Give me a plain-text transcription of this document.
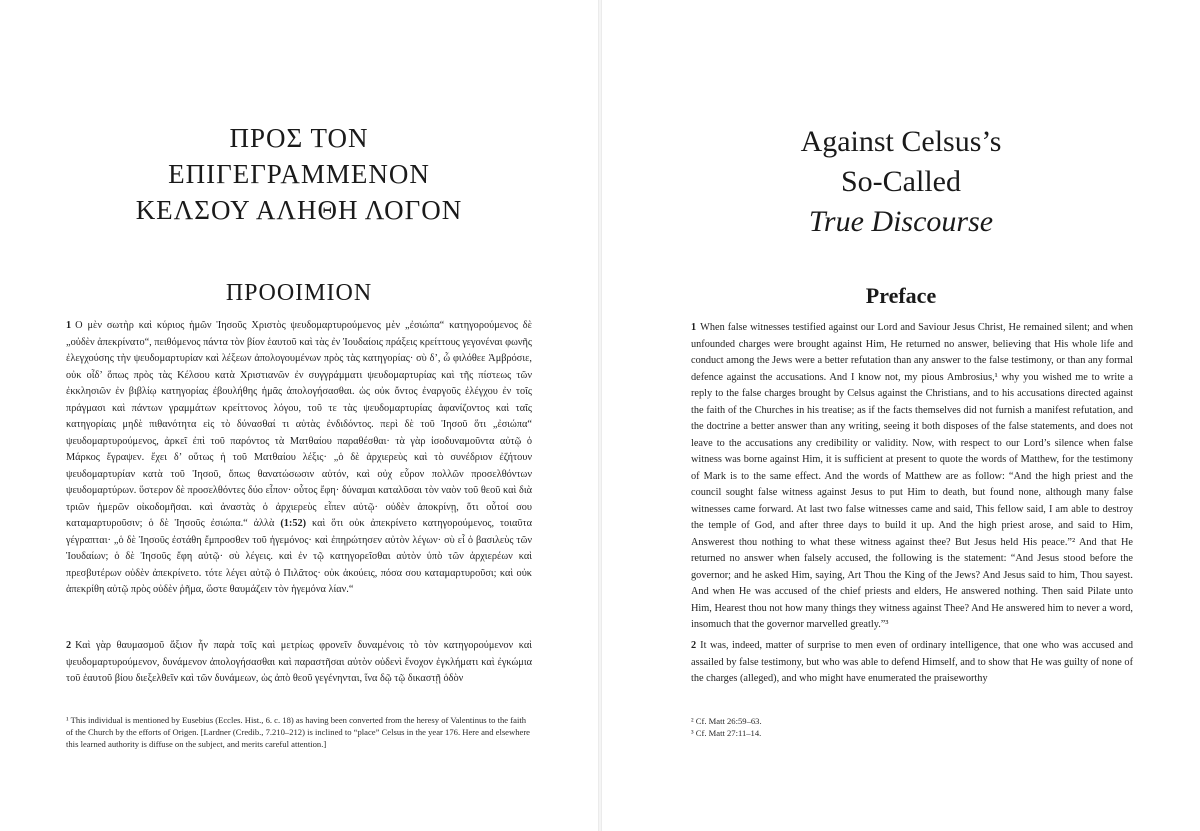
ΠΡΟΣ ΤΟΝ
ΕΠΙΓΕΓΡΑΜΜΕΝΟΝ
ΚΕΛΣΟΥ ΑΛΗΘΗ ΛΟΓΟΝ
ΠΡΟΟΙΜΙΟΝ

1 Ο μὲν σωτὴρ καὶ κύριος ἡμῶν Ἰησοῦς Χριστὸς ψευδομαρτυρούμενος μὲν „ἐσιώπα“ κατηγορούμενος δὲ „οὐδὲν ἀπεκρίνατο“, πειθόμενος πάντα τὸν βίον ἑαυτοῦ καὶ τὰς ἐν Ἰουδαίοις πράξεις κρείττους γεγονέναι φωνῆς ἐλεγχούσης τὴν ψευδομαρτυρίαν καὶ λέξεων ἀπολογουμένων πρὸς τὰς κατηγορίας· σὺ δ’, ὦ φιλόθεε Ἀμβρόσιε, οὐκ οἶδ’ ὅπως πρὸς τὰς Κέλσου κατὰ Χριστιανῶν ἐν συγγράμματι ψευδομαρτυρίας καὶ τῆς πίστεως τῶν ἐκκλησιῶν ἐν βιβλίῳ κατηγορίας ἐβουλήθης ἡμᾶς ἀπολογήσασθαι. ὡς οὐκ ὄντος ἐναργοῦς ἐλέγχου ἐν τοῖς πράγμασι καὶ πάντων γραμμάτων κρείττονος λόγου, τοῦ τε τὰς ψευδομαρτυρίας ἀφανίζοντος καὶ ταῖς κατηγορίαις μηδὲ πιθανότητα εἰς τὸ δύνασθαί τι αὐτὰς ἐνδιδόντος. περὶ δὲ τοῦ Ἰησοῦ ὅτι „ἐσιώπα“ ψευδομαρτυρούμενος, ἀρκεῖ ἐπὶ τοῦ παρόντος τὰ Ματθαίου παραθέσθαι· τὰ γὰρ ἰσοδυναμοῦντα αὐτῷ ὁ Μάρκος ἔγραψεν. ἔχει δ’ οὕτως ἡ τοῦ Ματθαίου λέξις· „ὁ δὲ ἀρχιερεὺς καὶ τὸ συνέδριον ἐζήτουν ψευδομαρτυρίαν κατὰ τοῦ Ἰησοῦ, ὅπως θανατώσωσιν αὐτόν, καὶ οὐχ εὗρον πολλῶν προσελθόντων ψευδομαρτύρων. ὕστερον δὲ προσελθόντες δύο εἶπον· οὗτος ἔφη· δύναμαι καταλῦσαι τὸν ναὸν τοῦ θεοῦ καὶ διὰ τριῶν ἡμερῶν οἰκοδομῆσαι. καὶ ἀναστὰς ὁ ἀρχιερεὺς εἶπεν αὐτῷ· οὐδὲν ἀποκρίνῃ, ὅτι οὗτοί σου καταμαρτυροῦσιν; ὁ δὲ Ἰησοῦς ἐσιώπα.“ ἀλλὰ (1:52) καὶ ὅτι οὐκ ἀπεκρίνετο κατηγορούμενος, τοιαῦτα γέγραπται· „ὁ δὲ Ἰησοῦς ἐστάθη ἔμπροσθεν τοῦ ἡγεμόνος· καὶ ἐπηρώτησεν αὐτὸν λέγων· σὺ εἶ ὁ βασιλεὺς τῶν Ἰουδαίων; ὁ δὲ Ἰησοῦς ἔφη αὐτῷ· σὺ λέγεις. καὶ ἐν τῷ κατηγορεῖσθαι αὐτὸν ὑπὸ τῶν ἀρχιερέων καὶ πρεσβυτέρων οὐδὲν ἀπεκρίνετο. τότε λέγει αὐτῷ ὁ Πιλᾶτος· οὐκ ἀκούεις, πόσα σου καταμαρτυροῦσι; καὶ οὐκ ἀπεκρίθη αὐτῷ πρὸς οὐδὲν ῥῆμα, ὥστε θαυμάζειν τὸν ἡγεμόνα λίαν.“

2 Καὶ γὰρ θαυμασμοῦ ἄξιον ἦν παρὰ τοῖς καὶ μετρίως φρονεῖν δυναμένοις τὸ τὸν κατηγορούμενον καὶ ψευδομαρτυρούμενον, δυνάμενον ἀπολογήσασθαι καὶ παραστῆσαι αὐτὸν οὐδενὶ ἔνοχον ἐγκλήματι καὶ ἐγκώμια τοῦ ἑαυτοῦ βίου διεξελθεῖν καὶ τῶν δυνάμεων, ὡς ἀπὸ θεοῦ γεγένηνται, ἵνα δῷ τῷ δικαστῇ ὁδὸν

¹ This individual is mentioned by Eusebius (Eccles. Hist., 6. c. 18) as having been converted from the heresy of Valentinus to the faith of the Church by the efforts of Origen. [Lardner (Credib., 7.210–212) is inclined to “place” Celsus in the year 176. Here and elsewhere this learned authority is diffuse on the subject, and merits careful attention.]
Against Celsus’s
So-Called
True Discourse
Preface

1 When false witnesses testified against our Lord and Saviour Jesus Christ, He remained silent; and when unfounded charges were brought against Him, He returned no answer, believing that His whole life and conduct among the Jews were a better refutation than any answer to the false testimony, or than any formal defence against the accusations. And I know not, my pious Ambrosius,¹ why you wished me to write a reply to the false charges brought by Celsus against the Christians, and to his accusations directed against the faith of the Churches in his treatise; as if the facts themselves did not furnish a manifest refutation, and the doctrine a better answer than any writing, seeing it both disposes of the false statements, and does not leave to the accusations any credibility or validity. Now, with respect to our Lord’s silence when false witness was borne against Him, it is sufficient at present to quote the words of Matthew, for the testimony of Mark is to the same effect. And the words of Matthew are as follow: “And the high priest and the council sought false witness against Jesus to put Him to death, but found none, although many false witnesses came forward. At last two false witnesses came and said, This fellow said, I am able to destroy the temple of God, and after three days to build it up. And the high priest arose, and said to Him, Answerest thou nothing to what these witness against thee? But Jesus held His peace.”² And that He returned no answer when falsely accused, the following is the statement: “And Jesus stood before the governor; and he asked Him, saying, Art Thou the King of the Jews? And Jesus said to him, Thou sayest. And when He was accused of the chief priests and elders, He answered nothing. Then said Pilate unto Him, Hearest thou not how many things they witness against Thee? And He answered him to never a word, insomuch that the governor marvelled greatly.”³

2 It was, indeed, matter of surprise to men even of ordinary intelligence, that one who was accused and assailed by false testimony, but who was able to defend Himself, and to show that He was guilty of none of the charges (alleged), and who might have enumerated the praiseworthy

² Cf. Matt 26:59–63.
³ Cf. Matt 27:11–14.
